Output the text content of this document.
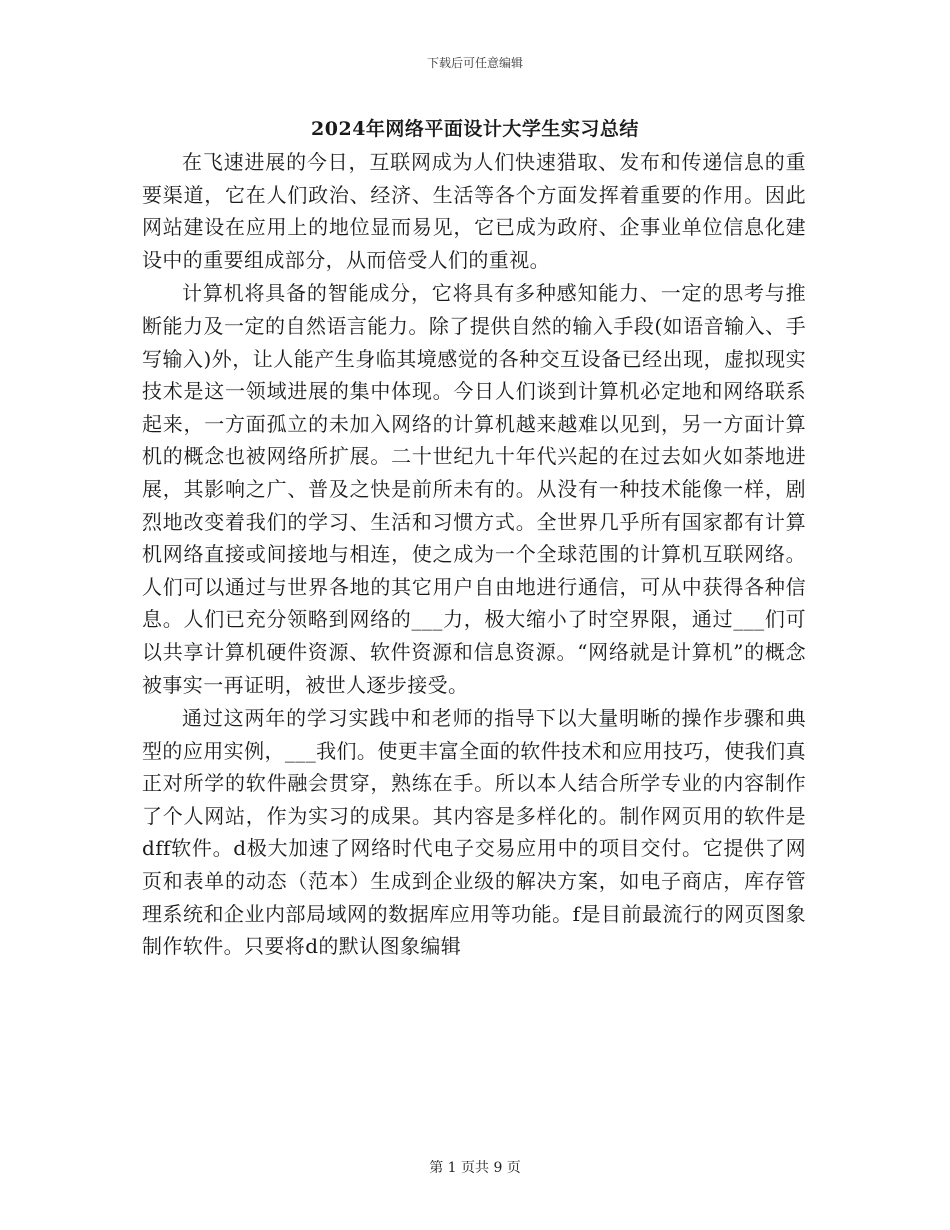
下载后可任意编辑
2024年网络平面设计大学生实习总结

在飞速进展的今日，互联网成为人们快速猎取、发布和传递信息的重要渠道，它在人们政治、经济、生活等各个方面发挥着重要的作用。因此网站建设在应用上的地位显而易见，它已成为政府、企事业单位信息化建设中的重要组成部分，从而倍受人们的重视。

计算机将具备的智能成分，它将具有多种感知能力、一定的思考与推断能力及一定的自然语言能力。除了提供自然的输入手段(如语音输入、手写输入)外，让人能产生身临其境感觉的各种交互设备已经出现，虚拟现实技术是这一领域进展的集中体现。今日人们谈到计算机必定地和网络联系起来，一方面孤立的未加入网络的计算机越来越难以见到，另一方面计算机的概念也被网络所扩展。二十世纪九十年代兴起的在过去如火如荼地进展，其影响之广、普及之快是前所未有的。从没有一种技术能像一样，剧烈地改变着我们的学习、生活和习惯方式。全世界几乎所有国家都有计算机网络直接或间接地与相连，使之成为一个全球范围的计算机互联网络。人们可以通过与世界各地的其它用户自由地进行通信，可从中获得各种信息。人们已充分领略到网络的___力，极大缩小了时空界限，通过___们可以共享计算机硬件资源、软件资源和信息资源。“网络就是计算机”的概念被事实一再证明，被世人逐步接受。

通过这两年的学习实践中和老师的指导下以大量明晰的操作步骤和典型的应用实例，___我们。使更丰富全面的软件技术和应用技巧，使我们真正对所学的软件融会贯穿，熟练在手。所以本人结合所学专业的内容制作了个人网站，作为实习的成果。其内容是多样化的。制作网页用的软件是dff软件。d极大加速了网络时代电子交易应用中的项目交付。它提供了网页和表单的动态（范本）生成到企业级的解决方案，如电子商店，库存管理系统和企业内部局域网的数据库应用等功能。f是目前最流行的网页图象制作软件。只要将d的默认图象编辑

第 1 页共 9 页
